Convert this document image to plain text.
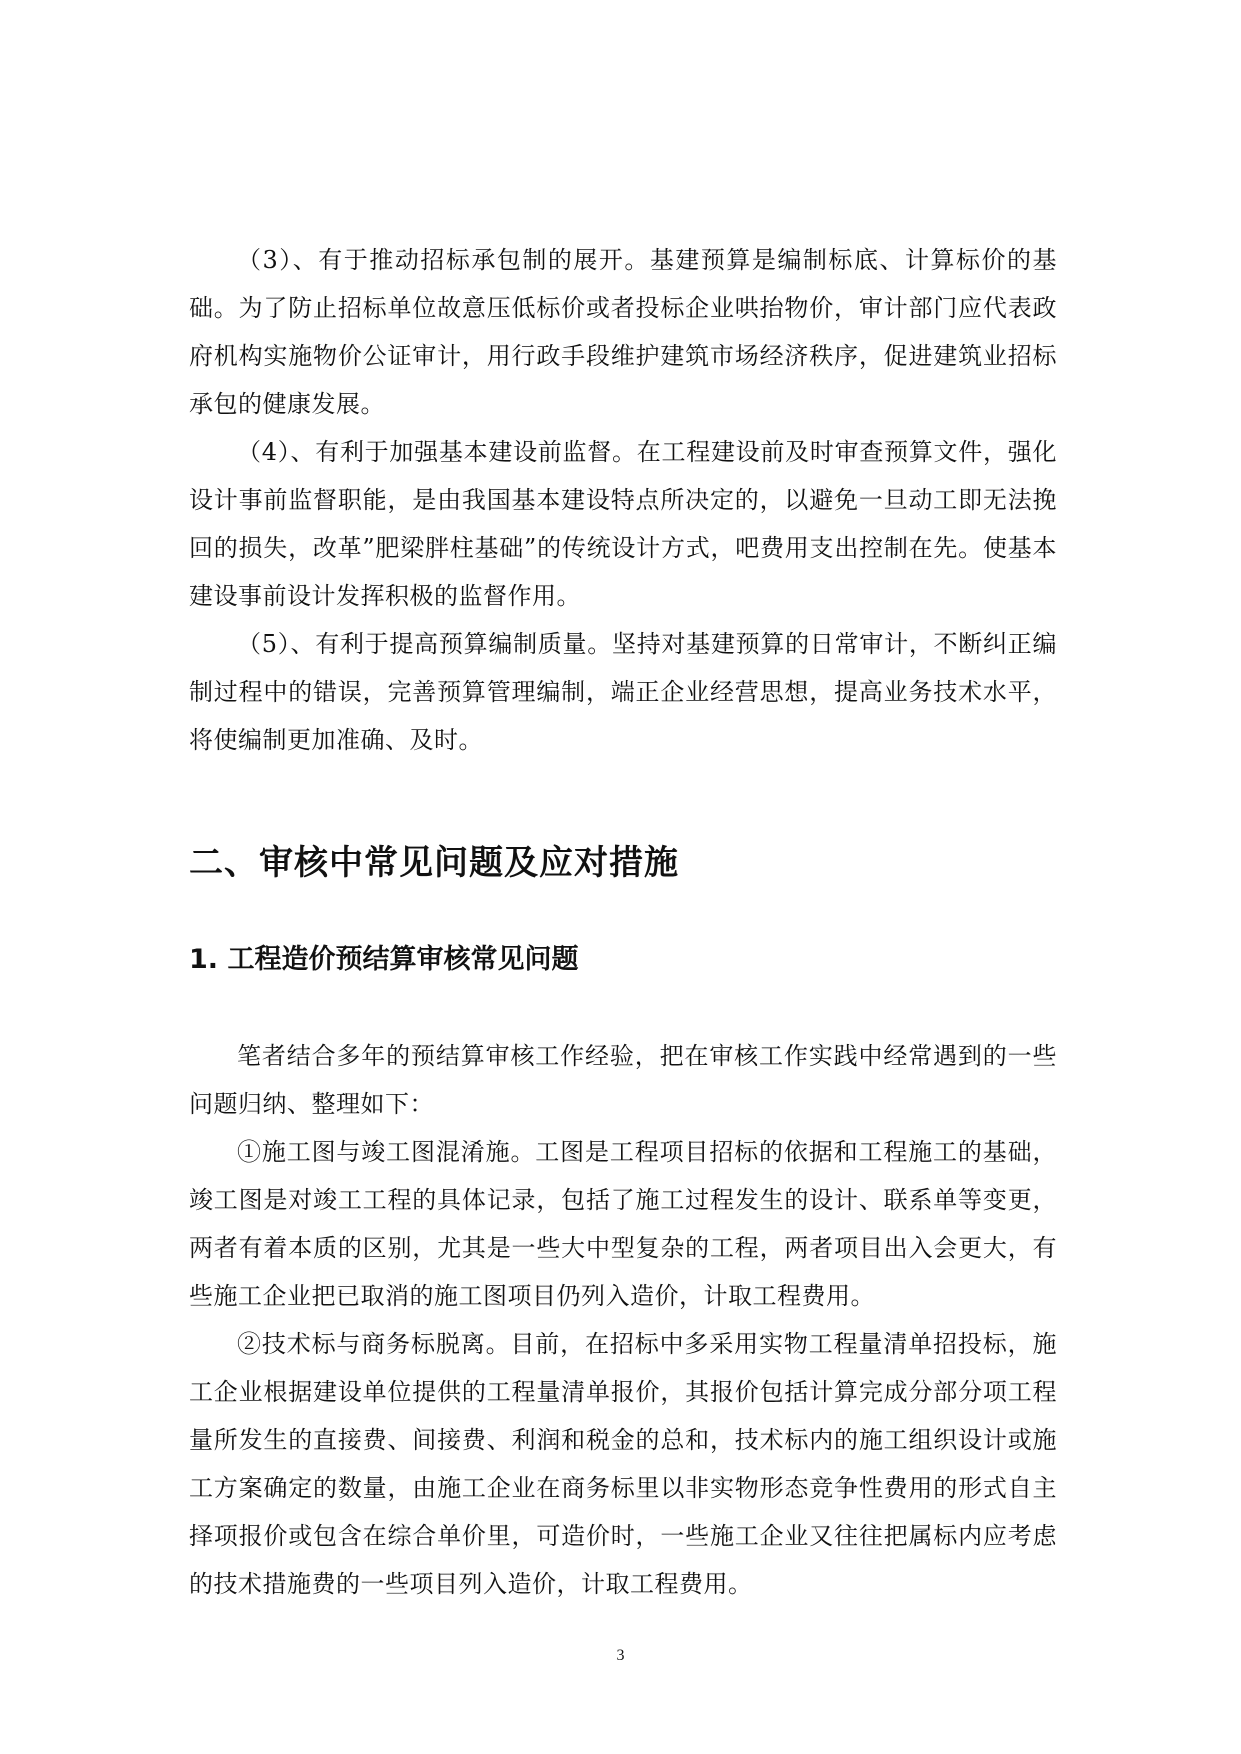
（3）、有于推动招标承包制的展开。基建预算是编制标底、计算标价的基础。为了防止招标单位故意压低标价或者投标企业哄抬物价，审计部门应代表政府机构实施物价公证审计，用行政手段维护建筑市场经济秩序，促进建筑业招标承包的健康发展。

（4）、有利于加强基本建设前监督。在工程建设前及时审查预算文件，强化设计事前监督职能，是由我国基本建设特点所决定的，以避免一旦动工即无法挽回的损失，改革”肥梁胖柱基础”的传统设计方式，吧费用支出控制在先。使基本建设事前设计发挥积极的监督作用。

（5）、有利于提高预算编制质量。坚持对基建预算的日常审计，不断纠正编制过程中的错误，完善预算管理编制，端正企业经营思想，提高业务技术水平，将使编制更加准确、及时。

二、审核中常见问题及应对措施
1. 工程造价预结算审核常见问题

笔者结合多年的预结算审核工作经验，把在审核工作实践中经常遇到的一些问题归纳、整理如下：

①施工图与竣工图混淆施。工图是工程项目招标的依据和工程施工的基础，竣工图是对竣工工程的具体记录，包括了施工过程发生的设计、联系单等变更，两者有着本质的区别，尤其是一些大中型复杂的工程，两者项目出入会更大，有些施工企业把已取消的施工图项目仍列入造价，计取工程费用。

②技术标与商务标脱离。目前，在招标中多采用实物工程量清单招投标，施工企业根据建设单位提供的工程量清单报价，其报价包括计算完成分部分项工程量所发生的直接费、间接费、利润和税金的总和，技术标内的施工组织设计或施工方案确定的数量，由施工企业在商务标里以非实物形态竞争性费用的形式自主择项报价或包含在综合单价里，可造价时，一些施工企业又往往把属标内应考虑的技术措施费的一些项目列入造价，计取工程费用。

3
